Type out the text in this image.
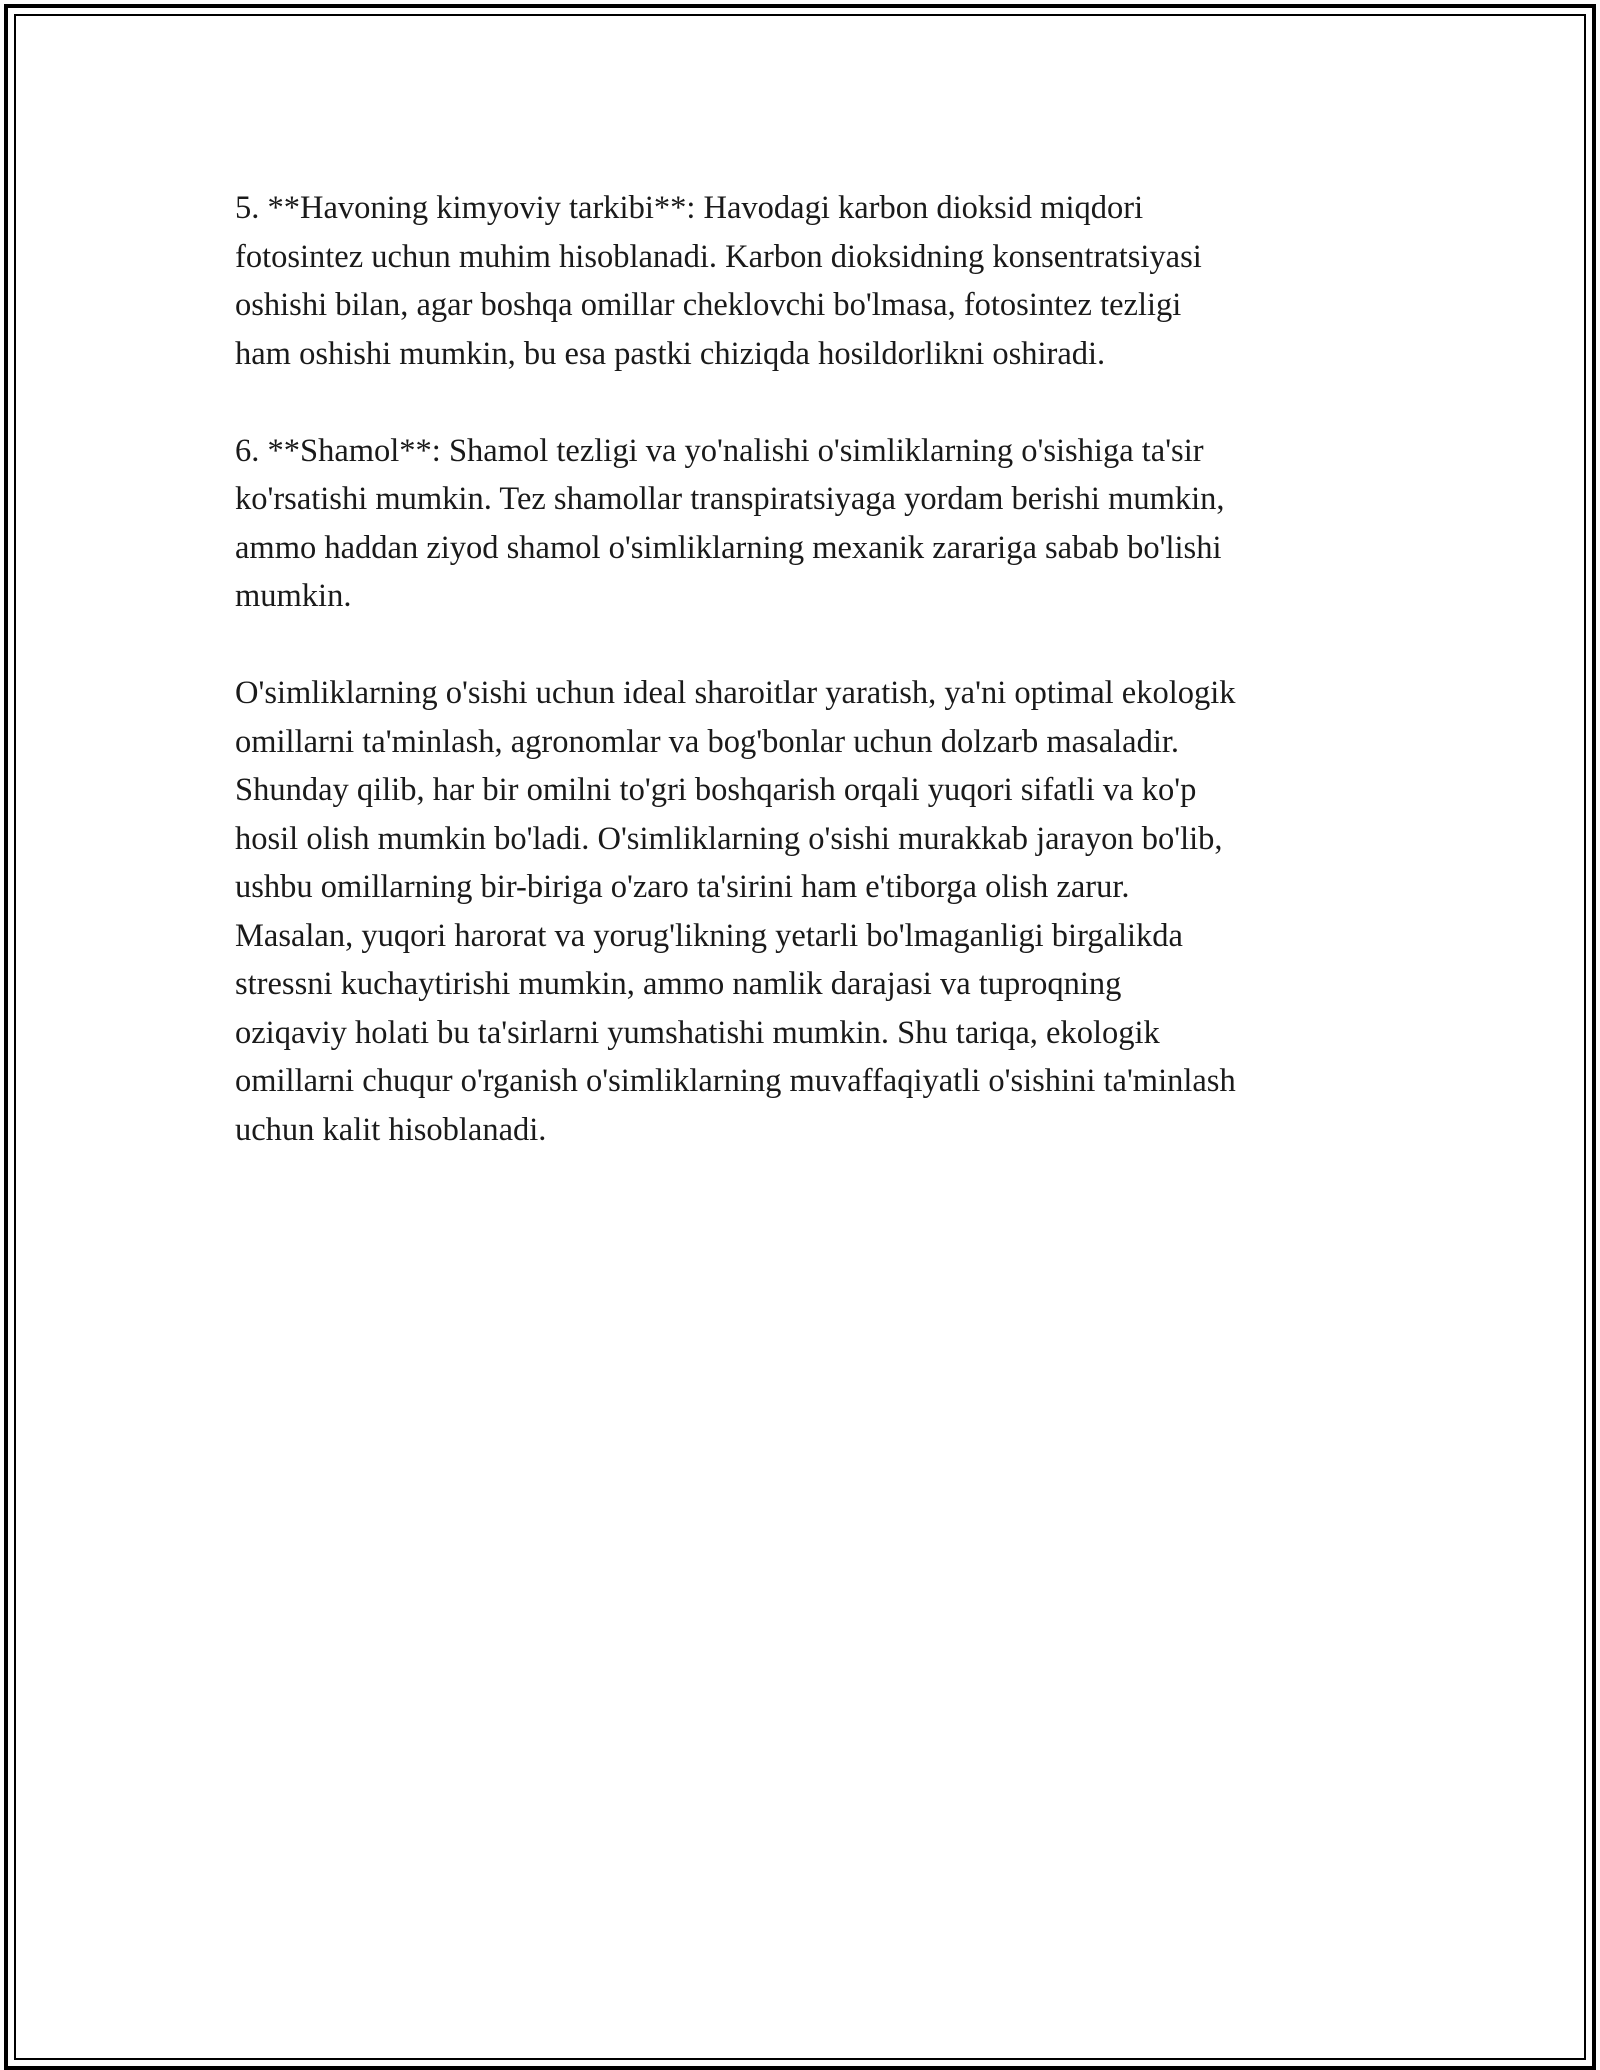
5. **Havoning kimyoviy tarkibi**: Havodagi karbon dioksid miqdori
fotosintez uchun muhim hisoblanadi. Karbon dioksidning konsentratsiyasi
oshishi bilan, agar boshqa omillar cheklovchi bo'lmasa, fotosintez tezligi
ham oshishi mumkin, bu esa pastki chiziqda hosildorlikni oshiradi.

6. **Shamol**: Shamol tezligi va yo'nalishi o'simliklarning o'sishiga ta'sir
ko'rsatishi mumkin. Tez shamollar transpiratsiyaga yordam berishi mumkin,
ammo haddan ziyod shamol o'simliklarning mexanik zarariga sabab bo'lishi
mumkin.

O'simliklarning o'sishi uchun ideal sharoitlar yaratish, ya'ni optimal ekologik
omillarni ta'minlash, agronomlar va bog'bonlar uchun dolzarb masaladir.
Shunday qilib, har bir omilni to'gri boshqarish orqali yuqori sifatli va ko'p
hosil olish mumkin bo'ladi. O'simliklarning o'sishi murakkab jarayon bo'lib,
ushbu omillarning bir-biriga o'zaro ta'sirini ham e'tiborga olish zarur.
Masalan, yuqori harorat va yorug'likning yetarli bo'lmaganligi birgalikda
stressni kuchaytirishi mumkin, ammo namlik darajasi va tuproqning
oziqaviy holati bu ta'sirlarni yumshatishi mumkin. Shu tariqa, ekologik
omillarni chuqur o'rganish o'simliklarning muvaffaqiyatli o'sishini ta'minlash
uchun kalit hisoblanadi.
